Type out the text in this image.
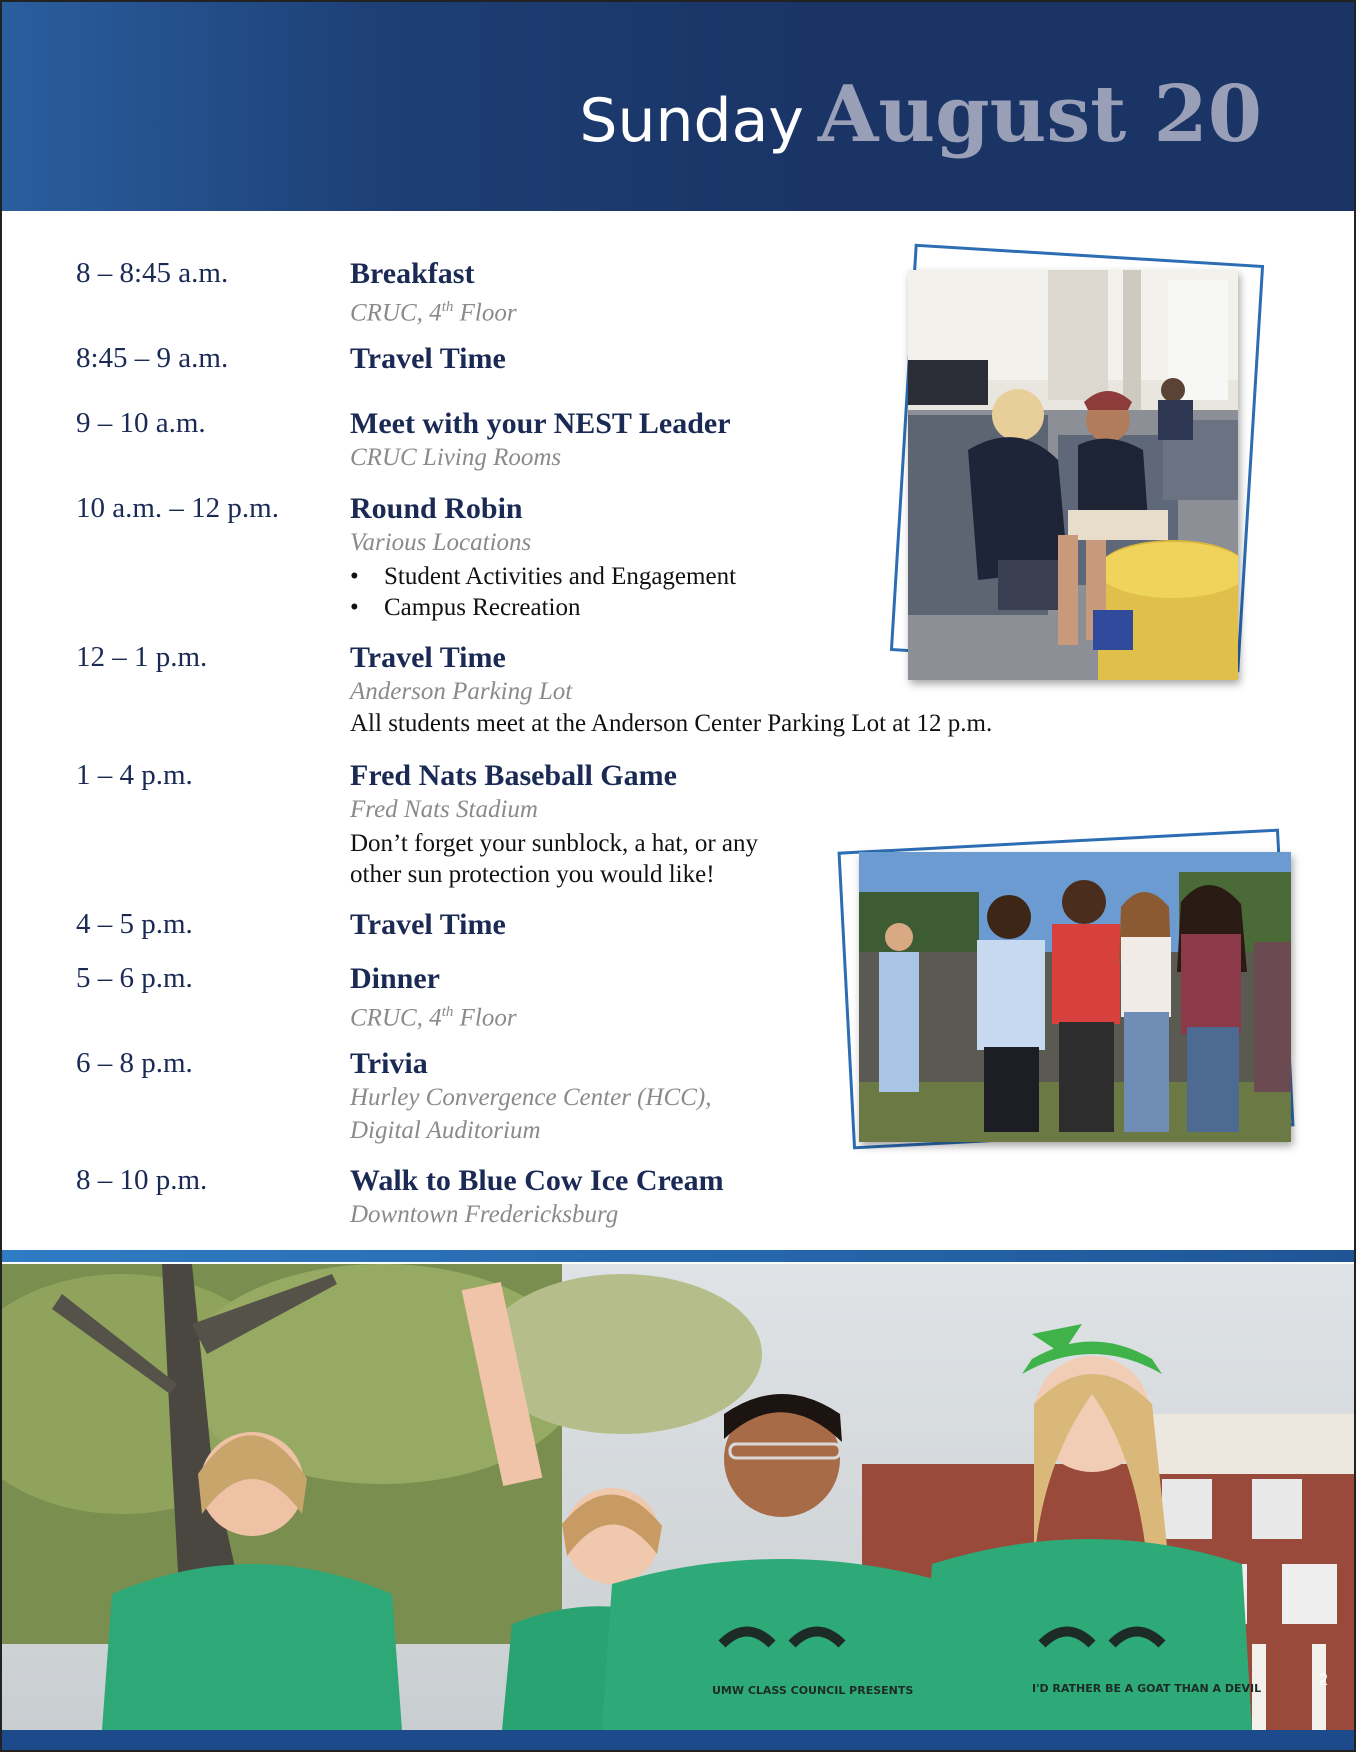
Sunday August 20
8 – 8:45 a.m.	Breakfast
CRUC, 4th Floor
8:45 – 9 a.m.	Travel Time
9 – 10 a.m.	Meet with your NEST Leader
CRUC Living Rooms
10 a.m. – 12 p.m. Round Robin
Various Locations
• Student Activities and Engagement
• Campus Recreation
12 – 1 p.m.	Travel Time
Anderson Parking Lot
All students meet at the Anderson Center Parking Lot at 12 p.m.
1 – 4 p.m.	Fred Nats Baseball Game
Fred Nats Stadium
Don’t forget your sunblock, a hat, or any
other sun protection you would like!
4 – 5 p.m.	Travel Time
5 – 6 p.m.	Dinner
CRUC, 4th Floor
6 – 8 p.m.	Trivia
Hurley Convergence Center (HCC),
Digital Auditorium
8 – 10 p.m.	Walk to Blue Cow Ice Cream
Downtown Fredericksburg
UMW CLASS COUNCIL PRESENTS	I'D RATHER BE A GOAT THAN A DEVIL	2
